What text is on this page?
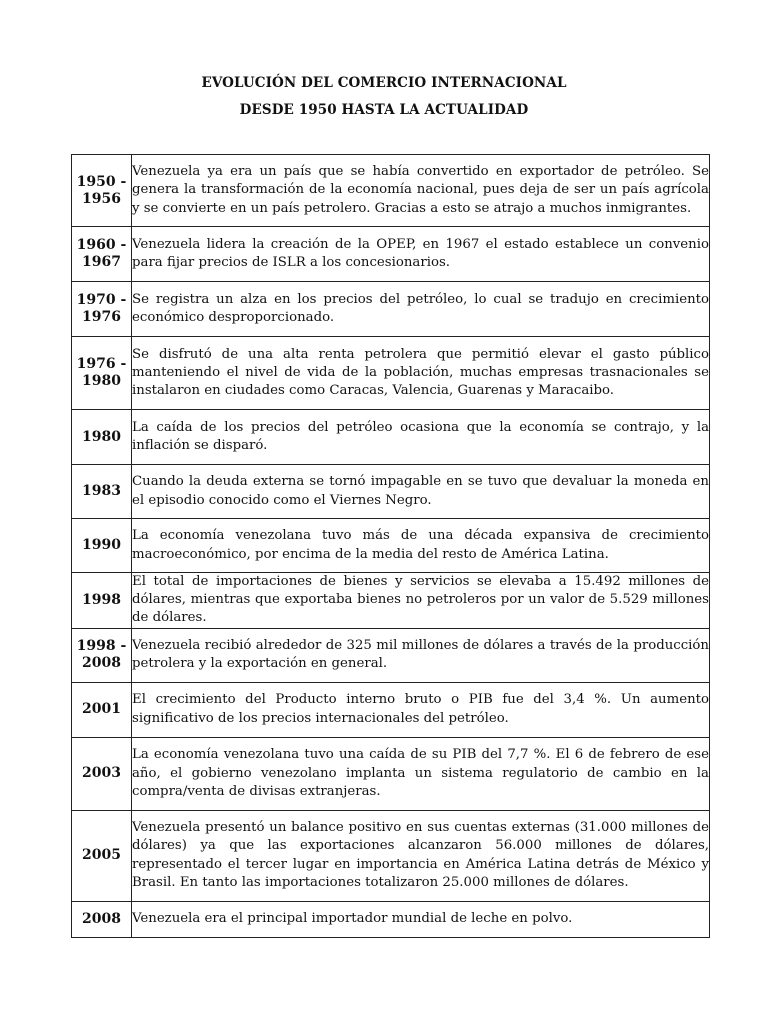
EVOLUCIÓN DEL COMERCIO INTERNACIONAL
DESDE 1950 HASTA LA ACTUALIDAD
1950 -
1956	Venezuela ya era un país que se había convertido en exportador de petróleo. Se genera la transformación de la economía nacional, pues deja de ser un país agrícola y se convierte en un país petrolero. Gracias a esto se atrajo a muchos inmigrantes.
1960 -
1967	Venezuela lidera la creación de la OPEP, en 1967 el estado establece un convenio para fijar precios de ISLR a los concesionarios.
1970 -
1976	Se registra un alza en los precios del petróleo, lo cual se tradujo en crecimiento económico desproporcionado.
1976 -
1980	Se disfrutó de una alta renta petrolera que permitió elevar el gasto público manteniendo el nivel de vida de la población, muchas empresas trasnacionales se instalaron en ciudades como Caracas, Valencia, Guarenas y Maracaibo.
1980	La caída de los precios del petróleo ocasiona que la economía se contrajo, y la inflación se disparó.
1983	Cuando la deuda externa se tornó impagable en se tuvo que devaluar la moneda en el episodio conocido como el Viernes Negro.
1990	La economía venezolana tuvo más de una década expansiva de crecimiento macroeconómico, por encima de la media del resto de América Latina.
1998	El total de importaciones de bienes y servicios se elevaba a 15.492 millones de dólares, mientras que exportaba bienes no petroleros por un valor de 5.529 millones de dólares.
1998 -
2008	Venezuela recibió alrededor de 325 mil millones de dólares a través de la producción petrolera y la exportación en general.
2001	El crecimiento del Producto interno bruto o PIB fue del 3,4 %. Un aumento significativo de los precios internacionales del petróleo.
2003	La economía venezolana tuvo una caída de su PIB del 7,7 %. El 6 de febrero de ese año, el gobierno venezolano implanta un sistema regulatorio de cambio en la compra/venta de divisas extranjeras.
2005	Venezuela presentó un balance positivo en sus cuentas externas (31.000 millones de dólares) ya que las exportaciones alcanzaron 56.000 millones de dólares, representado el tercer lugar en importancia en América Latina detrás de México y Brasil. En tanto las importaciones totalizaron 25.000 millones de dólares.
2008	Venezuela era el principal importador mundial de leche en polvo.
